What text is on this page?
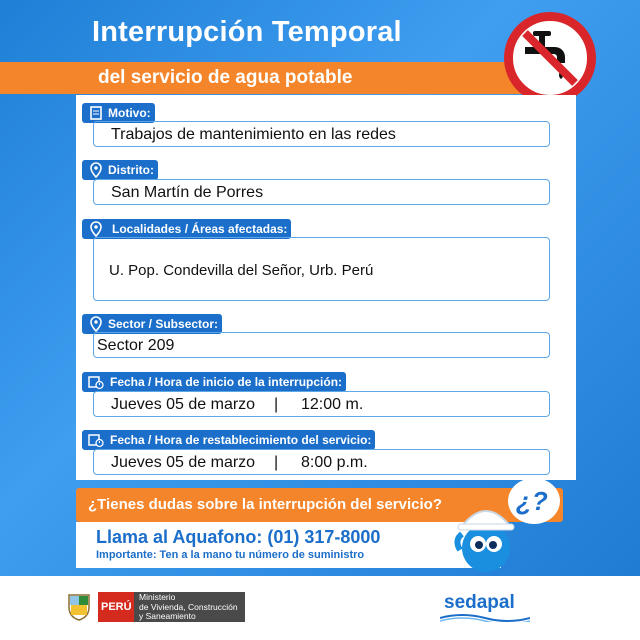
Interrupción Temporal
del servicio de agua potable
Motivo:
Trabajos de mantenimiento en las redes
Distrito:
San Martín de Porres
Localidades / Áreas afectadas:
U. Pop. Condevilla del Señor, Urb. Perú
Sector / Subsector:
Sector 209
Fecha / Hora de inicio de la interrupción:
Jueves 05 de marzo | 12:00 m.
Fecha / Hora de restablecimiento del servicio:
Jueves 05 de marzo | 8:00 p.m.
¿Tienes dudas sobre la interrupción del servicio?
Llama al Aquafono: (01) 317-8000
Importante: Ten a la mano tu número de suministro
¿?
PERÚ
Ministerio
de Vivienda, Construcción
y Saneamiento
sedapal
